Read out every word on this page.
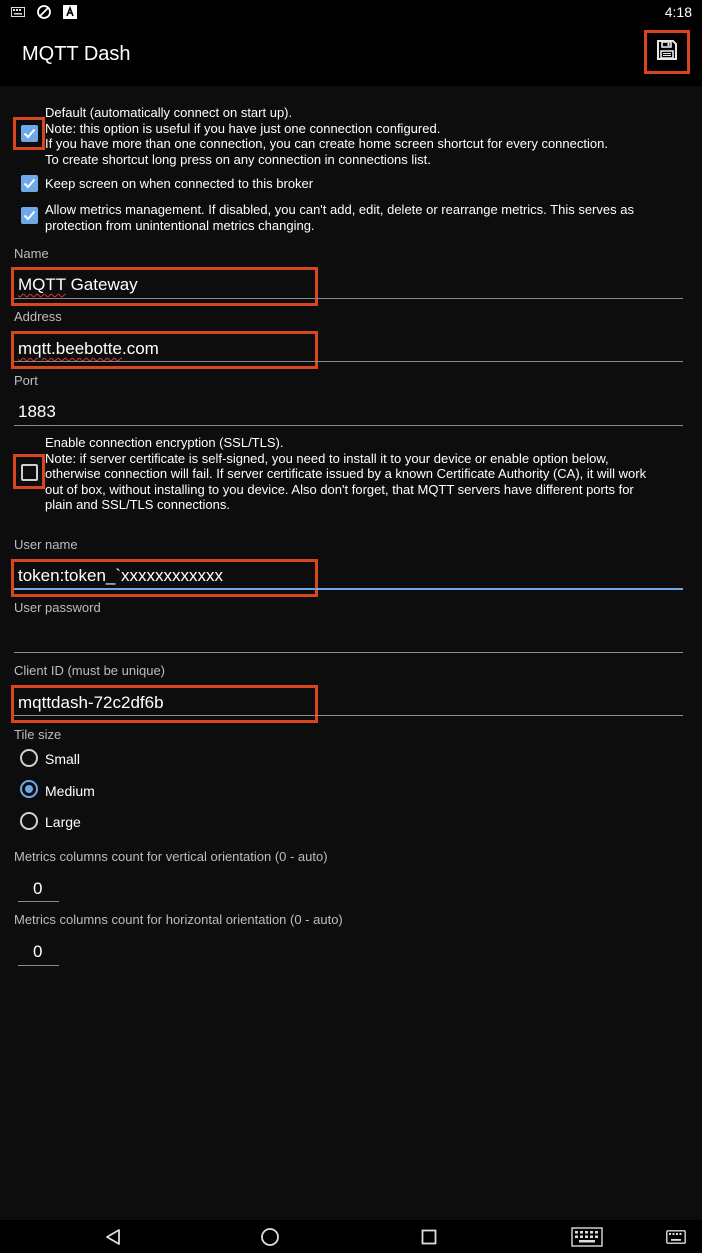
4:18
MQTT Dash
Default (automatically connect on start up).
Note: this option is useful if you have just one connection configured.
If you have more than one connection, you can create home screen shortcut for every connection.
To create shortcut long press on any connection in connections list.
Keep screen on when connected to this broker
Allow metrics management. If disabled, you can't add, edit, delete or rearrange metrics. This serves as
protection from unintentional metrics changing.
Name
MQTT Gateway
Address
mqtt.beebotte.com
Port
1883
Enable connection encryption (SSL/TLS).
Note: if server certificate is self-signed, you need to install it to your device or enable option below,
otherwise connection will fail. If server certificate issued by a known Certificate Authority (CA), it will work
out of box, without installing to you device. Also don't forget, that MQTT servers have different ports for
plain and SSL/TLS connections.
User name
token:token_`xxxxxxxxxxxx
User password
Client ID (must be unique)
mqttdash-72c2df6b
Tile size
Small
Medium
Large
Metrics columns count for vertical orientation (0 - auto)
0
Metrics columns count for horizontal orientation (0 - auto)
0
